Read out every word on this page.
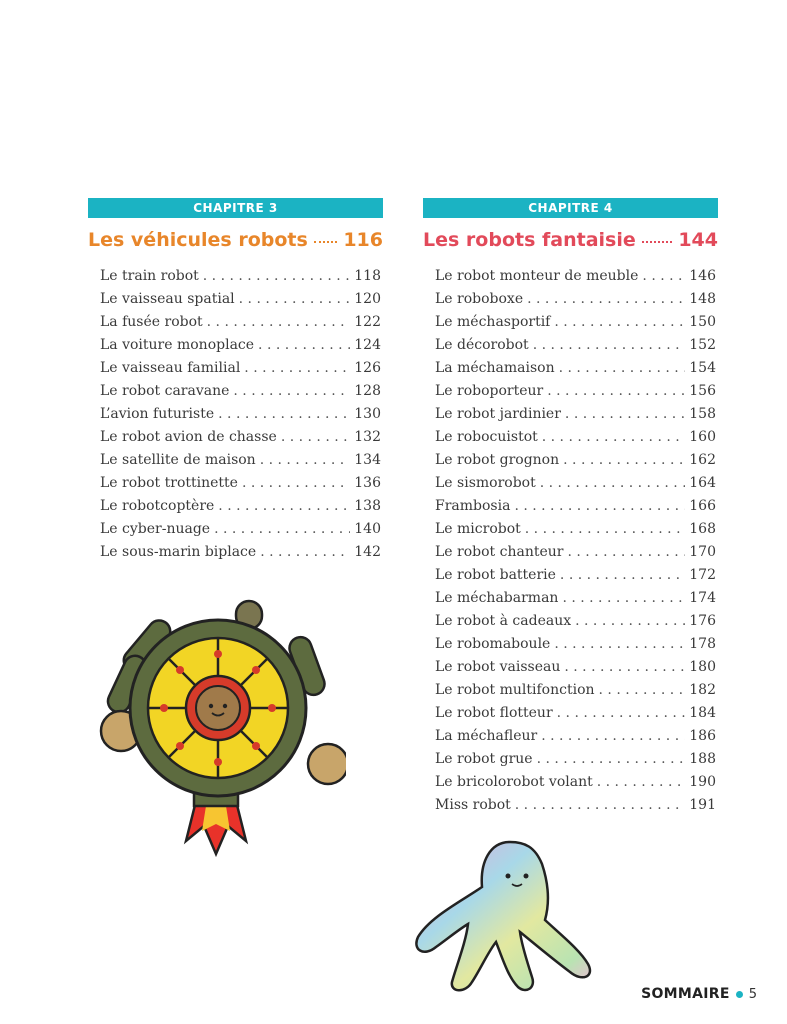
CHAPITRE 3
Les véhicules robots 116
Le train robot . . .	118
Le vaisseau spatial . . .	120
La fusée robot . . .	122
La voiture monoplace . . .	124
Le vaisseau familial . . .	126
Le robot caravane . . .	128
L’avion futuriste . . .	130
Le robot avion de chasse . . .	132
Le satellite de maison . . .	134
Le robot trottinette . . .	136
Le robotcoptère . . .	138
Le cyber-nuage . . .	140
Le sous-marin biplace . . .	142
CHAPITRE 4
Les robots fantaisie 144
Le robot monteur de meuble . . .	146
Le roboboxe . . .	148
Le méchasportif . . .	150
Le décorobot . . .	152
La méchamaison . . .	154
Le roboporteur . . .	156
Le robot jardinier . . .	158
Le robocuistot . . .	160
Le robot grognon . . .	162
Le sismorobot . . .	164
Frambosia . . .	166
Le microbot . . .	168
Le robot chanteur . . .	170
Le robot batterie . . .	172
Le méchabarman . . .	174
Le robot à cadeaux . . .	176
Le robomaboule . . .	178
Le robot vaisseau . . .	180
Le robot multifonction . . .	182
Le robot flotteur . . .	184
La méchafleur . . .	186
Le robot grue . . .	188
Le bricolorobot volant . . .	190
Miss robot . . .	191
SOMMAIRE 5
